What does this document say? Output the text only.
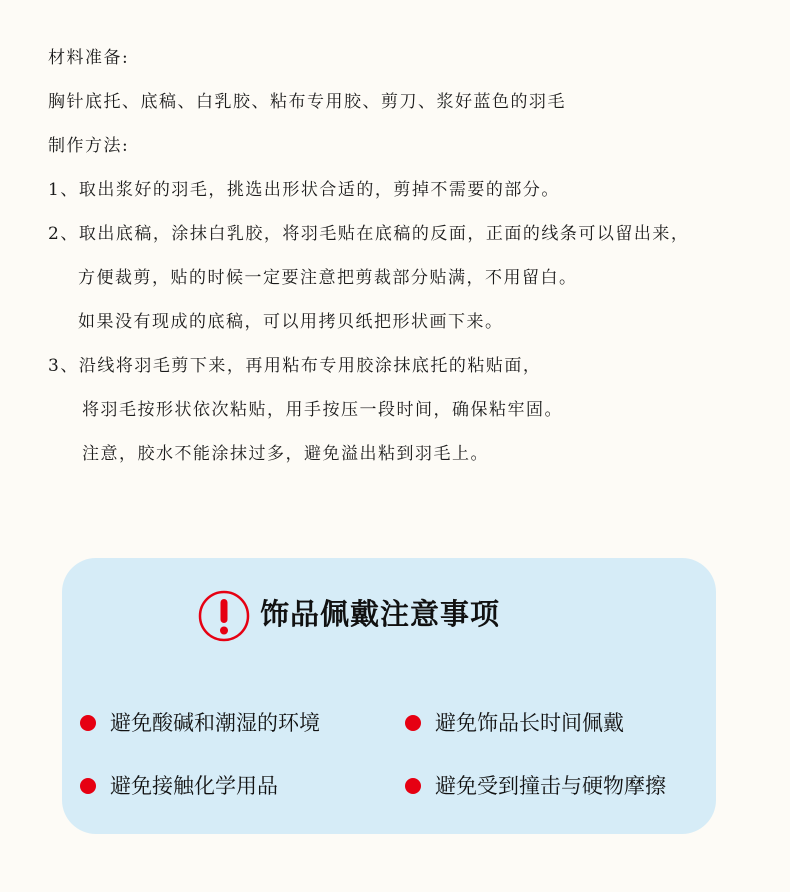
材料准备:
胸针底托、底稿、白乳胶、粘布专用胶、剪刀、浆好蓝色的羽毛
制作方法:
1、取出浆好的羽毛，挑选出形状合适的，剪掉不需要的部分。
2、取出底稿，涂抹白乳胶，将羽毛贴在底稿的反面，正面的线条可以留出来，
方便裁剪，贴的时候一定要注意把剪裁部分贴满，不用留白。
如果没有现成的底稿，可以用拷贝纸把形状画下来。
3、沿线将羽毛剪下来，再用粘布专用胶涂抹底托的粘贴面，
将羽毛按形状依次粘贴，用手按压一段时间，确保粘牢固。
注意，胶水不能涂抹过多，避免溢出粘到羽毛上。
饰品佩戴注意事项
避免酸碱和潮湿的环境	避免饰品长时间佩戴
避免接触化学用品	避免受到撞击与硬物摩擦
